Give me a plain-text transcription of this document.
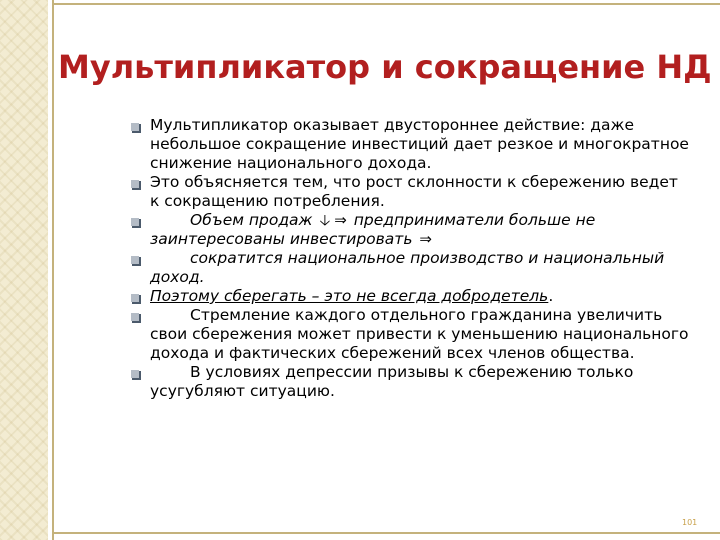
Мультипликатор и сокращение НД
Мультипликатор оказывает двустороннее действие: даже небольшое сокращение инвестиций дает резкое и многократное снижение национального дохода.
Это объясняется тем, что рост склонности к сбережению ведет к сокращению потребления.
Объем продаж 🡣 ⇒ предприниматели больше не заинтересованы инвестировать ⇒
сократится национальное производство и национальный доход.
Поэтому сберегать – это не всегда добродетель.
Стремление каждого отдельного гражданина увеличить свои сбережения может привести к уменьшению национального дохода и фактических сбережений всех членов общества.
В условиях депрессии призывы к сбережению только усугубляют ситуацию.
101
